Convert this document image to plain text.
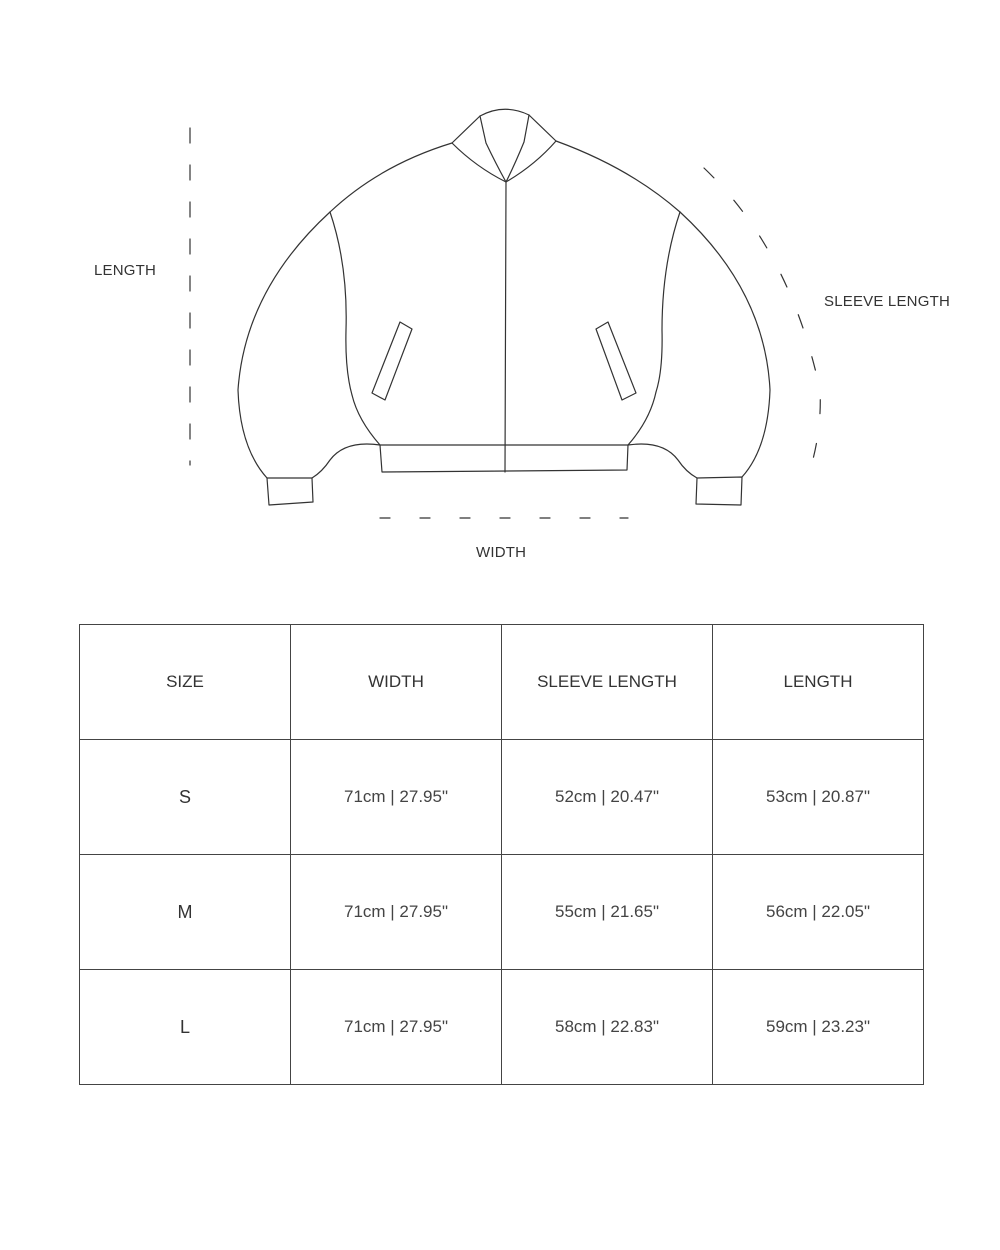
LENGTH
SLEEVE LENGTH
WIDTH
SIZE	WIDTH	SLEEVE LENGTH	LENGTH
S	71cm | 27.95"	52cm | 20.47"	53cm | 20.87"
M	71cm | 27.95"	55cm | 21.65"	56cm | 22.05"
L	71cm | 27.95"	58cm | 22.83"	59cm | 23.23"
